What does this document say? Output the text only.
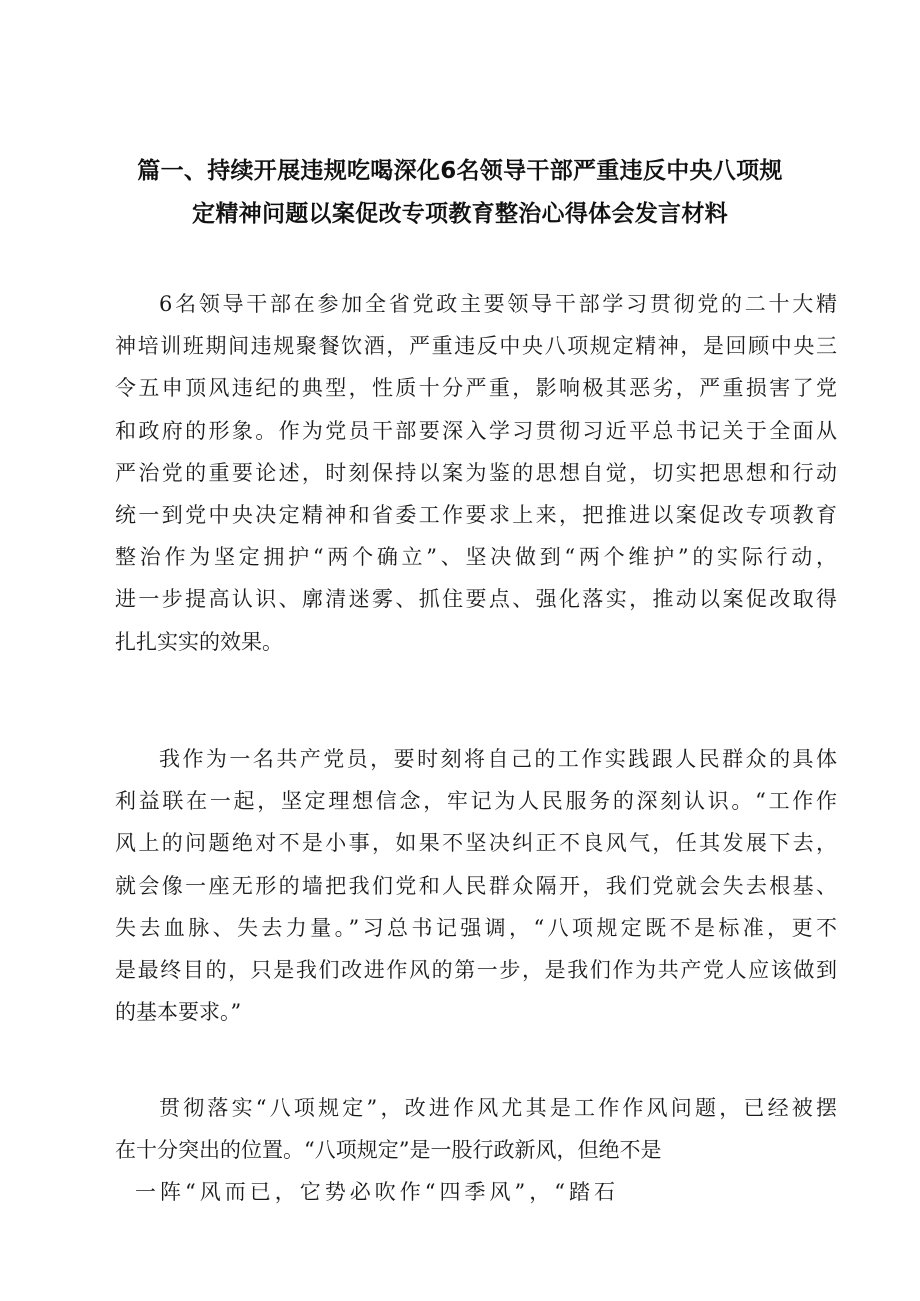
篇一、持续开展违规吃喝深化6名领导干部严重违反中央八项规
定精神问题以案促改专项教育整治心得体会发言材料
6名领导干部在参加全省党政主要领导干部学习贯彻党的二十大精
神培训班期间违规聚餐饮酒，严重违反中央八项规定精神，是回顾中央三
令五申顶风违纪的典型，性质十分严重，影响极其恶劣，严重损害了党
和政府的形象。作为党员干部要深入学习贯彻习近平总书记关于全面从
严治党的重要论述，时刻保持以案为鉴的思想自觉，切实把思想和行动
统一到党中央决定精神和省委工作要求上来，把推进以案促改专项教育
整治作为坚定拥护“两个确立”、坚决做到“两个维护”的实际行动，
进一步提高认识、廓清迷雾、抓住要点、强化落实，推动以案促改取得
扎扎实实的效果。
我作为一名共产党员，要时刻将自己的工作实践跟人民群众的具体
利益联在一起，坚定理想信念，牢记为人民服务的深刻认识。“工作作
风上的问题绝对不是小事，如果不坚决纠正不良风气，任其发展下去，
就会像一座无形的墙把我们党和人民群众隔开，我们党就会失去根基、
失去血脉、失去力量。”习总书记强调，“八项规定既不是标准，更不
是最终目的，只是我们改进作风的第一步，是我们作为共产党人应该做到
的基本要求。”
贯彻落实“八项规定”，改进作风尤其是工作作风问题，已经被摆
在十分突出的位置。“八项规定”是一股行政新风，但绝不是
一阵“风而已，它势必吹作“四季风”，“踏石
